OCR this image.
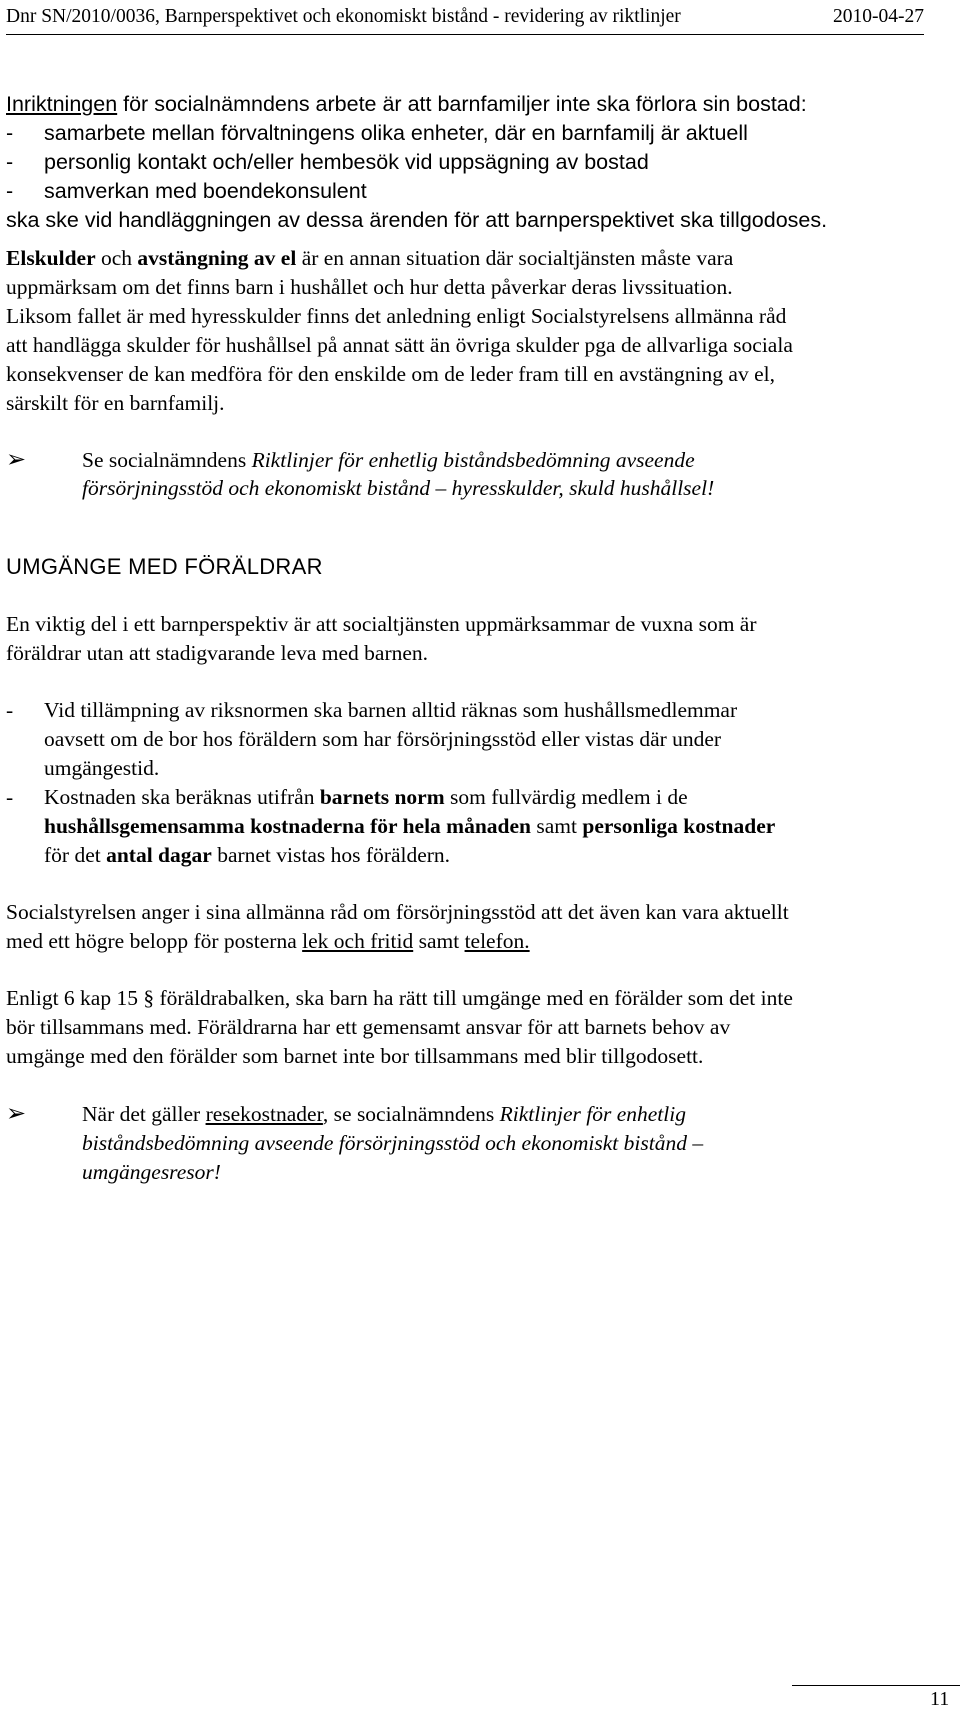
Dnr SN/2010/0036, Barnperspektivet och ekonomiskt bistånd - revidering av riktlinjer	2010-04-27
Inriktningen för socialnämndens arbete är att barnfamiljer inte ska förlora sin bostad:
- samarbete mellan förvaltningens olika enheter, där en barnfamilj är aktuell
- personlig kontakt och/eller hembesök vid uppsägning av bostad
- samverkan med boendekonsulent
ska ske vid handläggningen av dessa ärenden för att barnperspektivet ska tillgodoses.
Elskulder och avstängning av el är en annan situation där socialtjänsten måste vara
uppmärksam om det finns barn i hushållet och hur detta påverkar deras livssituation.
Liksom fallet är med hyresskulder finns det anledning enligt Socialstyrelsens allmänna råd
att handlägga skulder för hushållsel på annat sätt än övriga skulder pga de allvarliga sociala
konsekvenser de kan medföra för den enskilde om de leder fram till en avstängning av el,
särskilt för en barnfamilj.
➢	Se socialnämndens Riktlinjer för enhetlig biståndsbedömning avseende
försörjningsstöd och ekonomiskt bistånd – hyresskulder, skuld hushållsel!
UMGÄNGE MED FÖRÄLDRAR
En viktig del i ett barnperspektiv är att socialtjänsten uppmärksammar de vuxna som är
föräldrar utan att stadigvarande leva med barnen.
- Vid tillämpning av riksnormen ska barnen alltid räknas som hushållsmedlemmar
oavsett om de bor hos föräldern som har försörjningsstöd eller vistas där under
umgängestid.
- Kostnaden ska beräknas utifrån barnets norm som fullvärdig medlem i de
hushållsgemensamma kostnaderna för hela månaden samt personliga kostnader
för det antal dagar barnet vistas hos föräldern.
Socialstyrelsen anger i sina allmänna råd om försörjningsstöd att det även kan vara aktuellt
med ett högre belopp för posterna lek och fritid samt telefon.
Enligt 6 kap 15 § föräldrabalken, ska barn ha rätt till umgänge med en förälder som det inte
bör tillsammans med. Föräldrarna har ett gemensamt ansvar för att barnets behov av
umgänge med den förälder som barnet inte bor tillsammans med blir tillgodosett.
➢	När det gäller resekostnader, se socialnämndens Riktlinjer för enhetlig
biståndsbedömning avseende försörjningsstöd och ekonomiskt bistånd –
umgängesresor!
11
